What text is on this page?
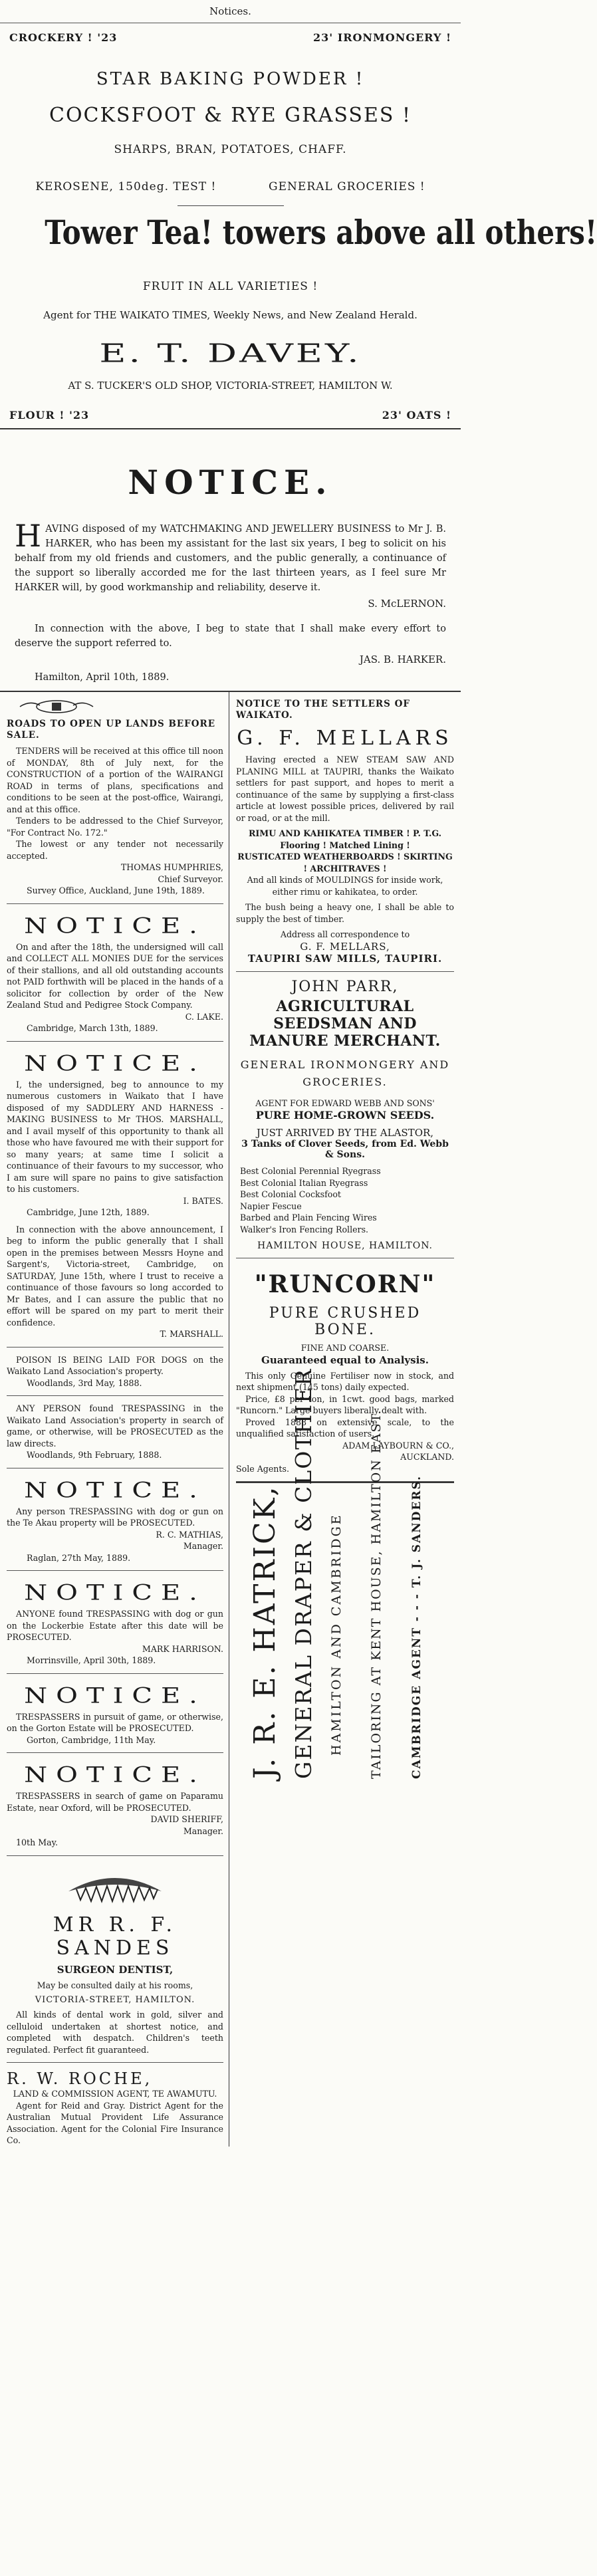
Notices.
CROCKERY ! '23	23' IRONMONGERY !
STAR BAKING POWDER !
COCKSFOOT & RYE GRASSES !
SHARPS, BRAN, POTATOES, CHAFF.
KEROSENE, 150deg. TEST !	GENERAL GROCERIES !
Tower Tea! towers above all others!
FRUIT IN ALL VARIETIES !
Agent for THE WAIKATO TIMES, Weekly News, and New Zealand Herald.
E. T. DAVEY.
AT S. TUCKER'S OLD SHOP, VICTORIA-STREET, HAMILTON W.
FLOUR ! '23	23' OATS !
NOTICE.
HAVING disposed of my WATCHMAKING AND JEWELLERY BUSINESS to Mr J. B. HARKER, who has been my assistant for the last six years, I beg to solicit on his behalf from my old friends and customers, and the public generally, a continuance of the support so liberally accorded me for the last thirteen years, as I feel sure Mr HARKER will, by good workmanship and reliability, deserve it.
S. McLERNON.
In connection with the above, I beg to state that I shall make every effort to deserve the support referred to.
JAS. B. HARKER.
Hamilton, April 10th, 1889.
ROADS TO OPEN UP LANDS BEFORE SALE.
TENDERS will be received at this office till noon of MONDAY, 8th of July next, for the CONSTRUCTION of a portion of the WAIRANGI ROAD in terms of plans, specifications and conditions to be seen at the post-office, Wairangi, and at this office.
Tenders to be addressed to the Chief Surveyor, "For Contract No. 172."
The lowest or any tender not necessarily accepted.
THOMAS HUMPHRIES,
Chief Surveyor.
Survey Office, Auckland, June 19th, 1889.
NOTICE.
On and after the 18th, the undersigned will call and COLLECT ALL MONIES DUE for the services of their stallions, and all old outstanding accounts not PAID forthwith will be placed in the hands of a solicitor for collection by order of the New Zealand Stud and Pedigree Stock Company.
C. LAKE.
Cambridge, March 13th, 1889.
NOTICE.
I, the undersigned, beg to announce to my numerous customers in Waikato that I have disposed of my SADDLERY AND HARNESS - MAKING BUSINESS to Mr THOS. MARSHALL, and I avail myself of this opportunity to thank all those who have favoured me with their support for so many years; at same time I solicit a continuance of their favours to my successor, who I am sure will spare no pains to give satisfaction to his customers.
I. BATES.
Cambridge, June 12th, 1889.
In connection with the above announcement, I beg to inform the public generally that I shall open in the premises between Messrs Hoyne and Sargent's, Victoria-street, Cambridge, on SATURDAY, June 15th, where I trust to receive a continuance of those favours so long accorded to Mr Bates, and I can assure the public that no effort will be spared on my part to merit their confidence.
T. MARSHALL.
POISON IS BEING LAID FOR DOGS on the Waikato Land Association's property.
Woodlands, 3rd May, 1888.
ANY PERSON found TRESPASSING in the Waikato Land Association's property in search of game, or otherwise, will be PROSECUTED as the law directs.
Woodlands, 9th February, 1888.
NOTICE.
Any person TRESPASSING with dog or gun on the Te Akau property will be PROSECUTED.
R. C. MATHIAS,
Manager.
Raglan, 27th May, 1889.
NOTICE.
ANYONE found TRESPASSING with dog or gun on the Lockerbie Estate after this date will be PROSECUTED.
MARK HARRISON.
Morrinsville, April 30th, 1889.
NOTICE.
TRESPASSERS in pursuit of game, or otherwise, on the Gorton Estate will be PROSECUTED.
Gorton, Cambridge, 11th May.
NOTICE.
TRESPASSERS in search of game on Paparamu Estate, near Oxford, will be PROSECUTED.
DAVID SHERIFF,
Manager.
10th May.
MR R. F. SANDES
SURGEON DENTIST,
May be consulted daily at his rooms,
VICTORIA-STREET, HAMILTON.
All kinds of dental work in gold, silver and celluloid undertaken at shortest notice, and completed with despatch. Children's teeth regulated. Perfect fit guaranteed.
R. W. ROCHE,
LAND & COMMISSION AGENT, TE AWAMUTU.
Agent for Reid and Gray. District Agent for the Australian Mutual Provident Life Assurance Association. Agent for the Colonial Fire Insurance Co.
NOTICE TO THE SETTLERS OF WAIKATO.
G. F. MELLARS
Having erected a NEW STEAM SAW AND PLANING MILL at TAUPIRI, thanks the Waikato settlers for past support, and hopes to merit a continuance of the same by supplying a first-class article at lowest possible prices, delivered by rail or road, or at the mill.
RIMU AND KAHIKATEA TIMBER ! P. T.G. Flooring ! Matched Lining !
RUSTICATED WEATHERBOARDS ! SKIRTING ! ARCHITRAVES !
And all kinds of MOULDINGS for inside work, either rimu or kahikatea, to order.
The bush being a heavy one, I shall be able to supply the best of timber.
Address all correspondence to
G. F. MELLARS,
TAUPIRI SAW MILLS, TAUPIRI.
JOHN PARR,
AGRICULTURAL SEEDSMAN AND MANURE MERCHANT.
GENERAL IRONMONGERY AND GROCERIES.
AGENT FOR EDWARD WEBB AND SONS'
PURE HOME-GROWN SEEDS.
JUST ARRIVED BY THE ALASTOR,
3 Tanks of Clover Seeds, from Ed. Webb & Sons.
Best Colonial Perennial Ryegrass
Best Colonial Italian Ryegrass
Best Colonial Cocksfoot
Napier Fescue
Barbed and Plain Fencing Wires
Walker's Iron Fencing Rollers.
HAMILTON HOUSE, HAMILTON.
"RUNCORN"
PURE CRUSHED BONE.
FINE AND COARSE.
Guaranteed equal to Analysis.
This only Genuine Fertiliser now in stock, and next shipment (145 tons) daily expected.
Price, £8 per ton, in 1cwt. good bags, marked "Runcorn." Large buyers liberally dealt with.
Proved 1888 on extensive scale, to the unqualified satisfaction of users.
ADAM LAYBOURN & CO.,
AUCKLAND.
Sole Agents.
J. R. E. HATRICK, GENERAL DRAPER & CLOTHIER HAMILTON AND CAMBRIDGE TAILORING AT KENT HOUSE, HAMILTON EAST. CAMBRIDGE AGENT - - - T. J. SANDERS.
